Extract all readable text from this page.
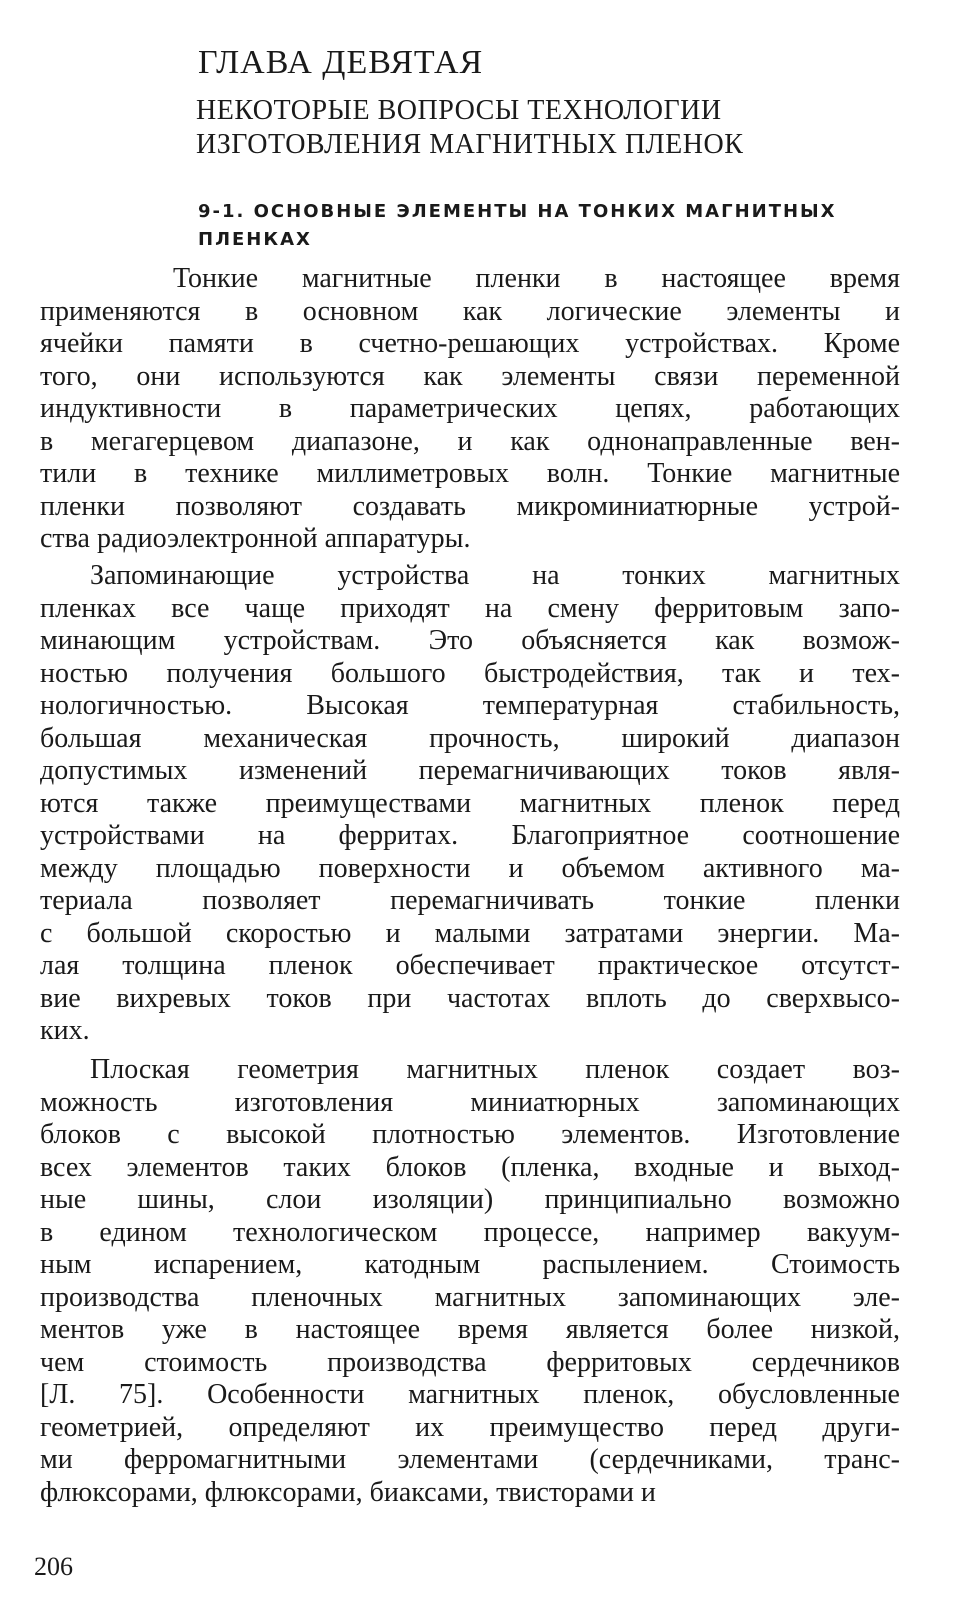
ГЛАВА ДЕВЯТАЯ
НЕКОТОРЫЕ ВОПРОСЫ ТЕХНОЛОГИИ
ИЗГОТОВЛЕНИЯ МАГНИТНЫХ ПЛЕНОК
9-1. ОСНОВНЫЕ ЭЛЕМЕНТЫ НА ТОНКИХ МАГНИТНЫХ
ПЛЕНКАХ
Тонкие магнитные пленки в настоящее время
применяются в основном как логические элементы и
ячейки памяти в счетно-решающих устройствах. Кроме
того, они используются как элементы связи переменной
индуктивности в параметрических цепях, работающих
в мегагерцевом диапазоне, и как однонаправленные вен-
тили в технике миллиметровых волн. Тонкие магнитные
пленки позволяют создавать микроминиатюрные устрой-
ства радиоэлектронной аппаратуры.
Запоминающие устройства на тонких магнитных
пленках все чаще приходят на смену ферритовым запо-
минающим устройствам. Это объясняется как возмож-
ностью получения большого быстродействия, так и тех-
нологичностью. Высокая температурная стабильность,
большая механическая прочность, широкий диапазон
допустимых изменений перемагничивающих токов явля-
ются также преимуществами магнитных пленок перед
устройствами на ферритах. Благоприятное соотношение
между площадью поверхности и объемом активного ма-
териала позволяет перемагничивать тонкие пленки
с большой скоростью и малыми затратами энергии. Ма-
лая толщина пленок обеспечивает практическое отсутст-
вие вихревых токов при частотах вплоть до сверхвысо-
ких.
Плоская геометрия магнитных пленок создает воз-
можность изготовления миниатюрных запоминающих
блоков с высокой плотностью элементов. Изготовление
всех элементов таких блоков (пленка, входные и выход-
ные шины, слои изоляции) принципиально возможно
в едином технологическом процессе, например вакуум-
ным испарением, катодным распылением. Стоимость
производства пленочных магнитных запоминающих эле-
ментов уже в настоящее время является более низкой,
чем стоимость производства ферритовых сердечников
[Л. 75]. Особенности магнитных пленок, обусловленные
геометрией, определяют их преимущество перед други-
ми ферромагнитными элементами (сердечниками, транс-
флюксорами, флюксорами, биаксами, твисторами и
206
